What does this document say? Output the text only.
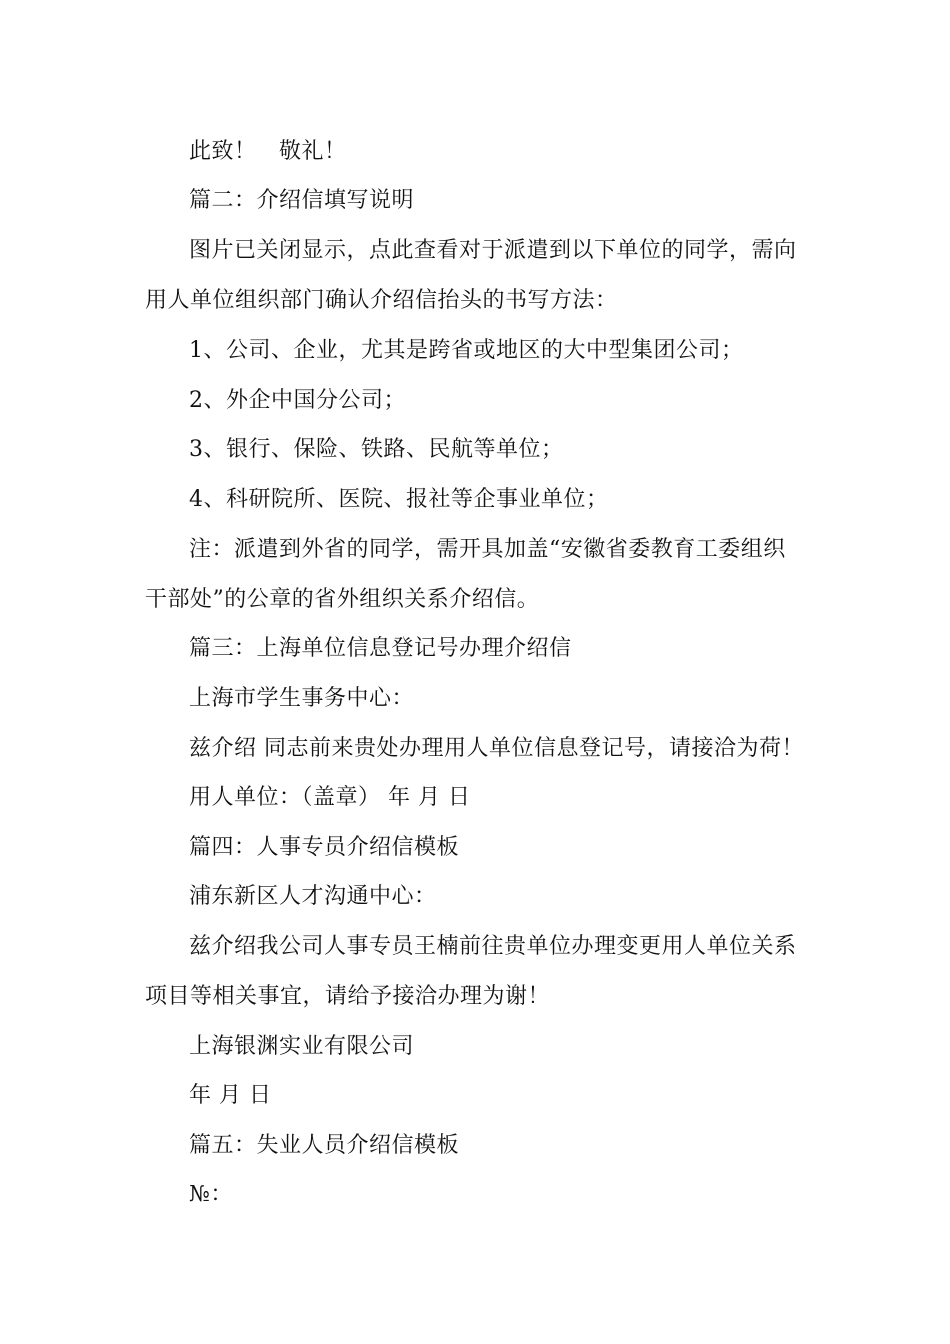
此致！　敬礼！

篇二：介绍信填写说明

图片已关闭显示，点此查看对于派遣到以下单位的同学，需向
用人单位组织部门确认介绍信抬头的书写方法：

1、公司、企业，尤其是跨省或地区的大中型集团公司；

2、外企中国分公司；

3、银行、保险、铁路、民航等单位；

4、科研院所、医院、报社等企事业单位；

注：派遣到外省的同学，需开具加盖“安徽省委教育工委组织
干部处”的公章的省外组织关系介绍信。

篇三：上海单位信息登记号办理介绍信

上海市学生事务中心：

兹介绍 同志前来贵处办理用人单位信息登记号，请接洽为荷！

用人单位：（盖章） 年 月 日

篇四：人事专员介绍信模板

浦东新区人才沟通中心：

兹介绍我公司人事专员王楠前往贵单位办理变更用人单位关系
项目等相关事宜，请给予接洽办理为谢！

上海银渊实业有限公司

年 月 日

篇五：失业人员介绍信模板

№：
